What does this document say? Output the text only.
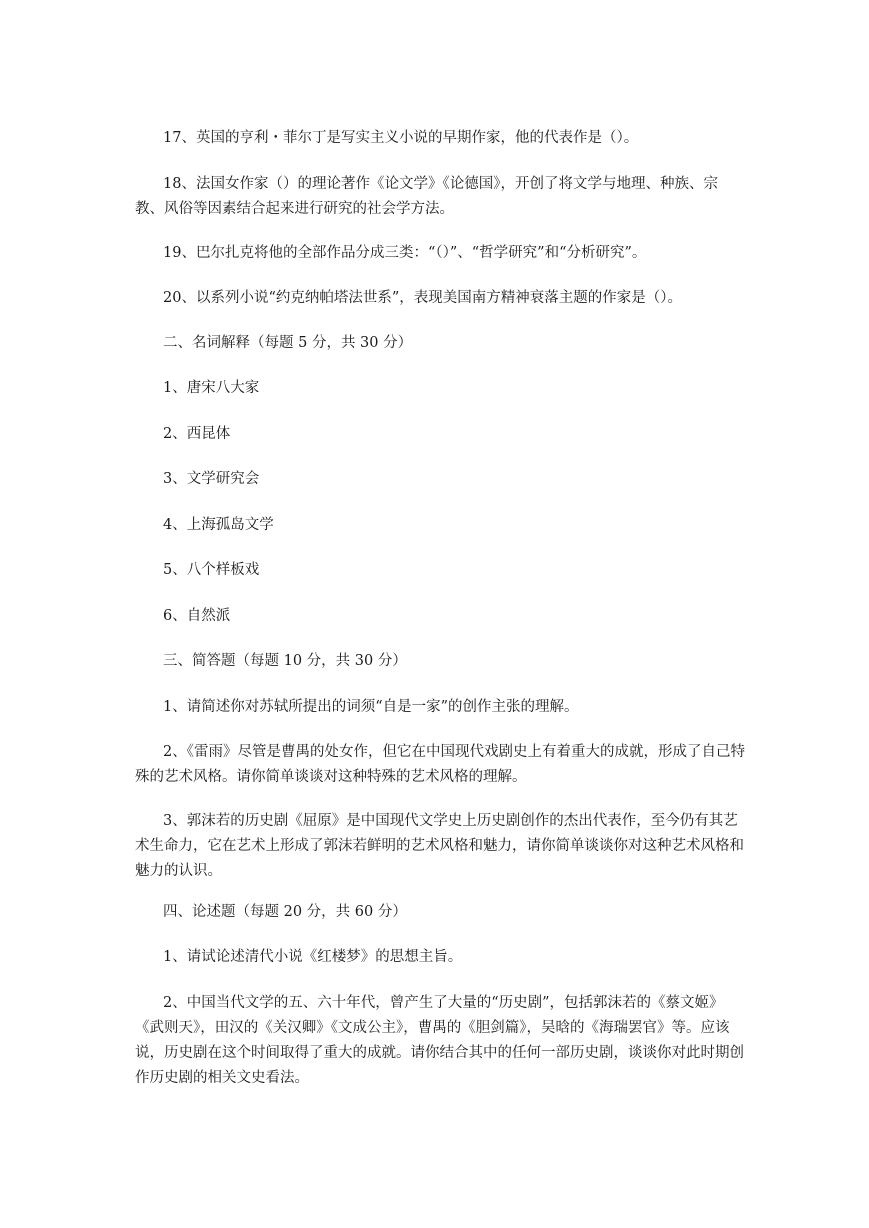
17、英国的亨利・菲尔丁是写实主义小说的早期作家，他的代表作是（）。

18、法国女作家（）的理论著作《论文学》《论德国》，开创了将文学与地理、种族、宗教、风俗等因素结合起来进行研究的社会学方法。

19、巴尔扎克将他的全部作品分成三类：“（）”、“哲学研究”和“分析研究”。

20、以系列小说“约克纳帕塔法世系”，表现美国南方精神衰落主题的作家是（）。

二、名词解释（每题 5 分，共 30 分）

1、唐宋八大家

2、西昆体

3、文学研究会

4、上海孤岛文学

5、八个样板戏

6、自然派

三、简答题（每题 10 分，共 30 分）

1、请简述你对苏轼所提出的词须“自是一家”的创作主张的理解。

2、《雷雨》尽管是曹禺的处女作，但它在中国现代戏剧史上有着重大的成就，形成了自己特殊的艺术风格。请你简单谈谈对这种特殊的艺术风格的理解。

3、郭沫若的历史剧《屈原》是中国现代文学史上历史剧创作的杰出代表作，至今仍有其艺术生命力，它在艺术上形成了郭沫若鲜明的艺术风格和魅力，请你简单谈谈你对这种艺术风格和魅力的认识。

四、论述题（每题 20 分，共 60 分）

1、请试论述清代小说《红楼梦》的思想主旨。

2、中国当代文学的五、六十年代，曾产生了大量的“历史剧”，包括郭沫若的《蔡文姬》《武则天》，田汉的《关汉卿》《文成公主》，曹禺的《胆剑篇》，吴晗的《海瑞罢官》等。应该说，历史剧在这个时间取得了重大的成就。请你结合其中的任何一部历史剧，谈谈你对此时期创作历史剧的相关文史看法。
